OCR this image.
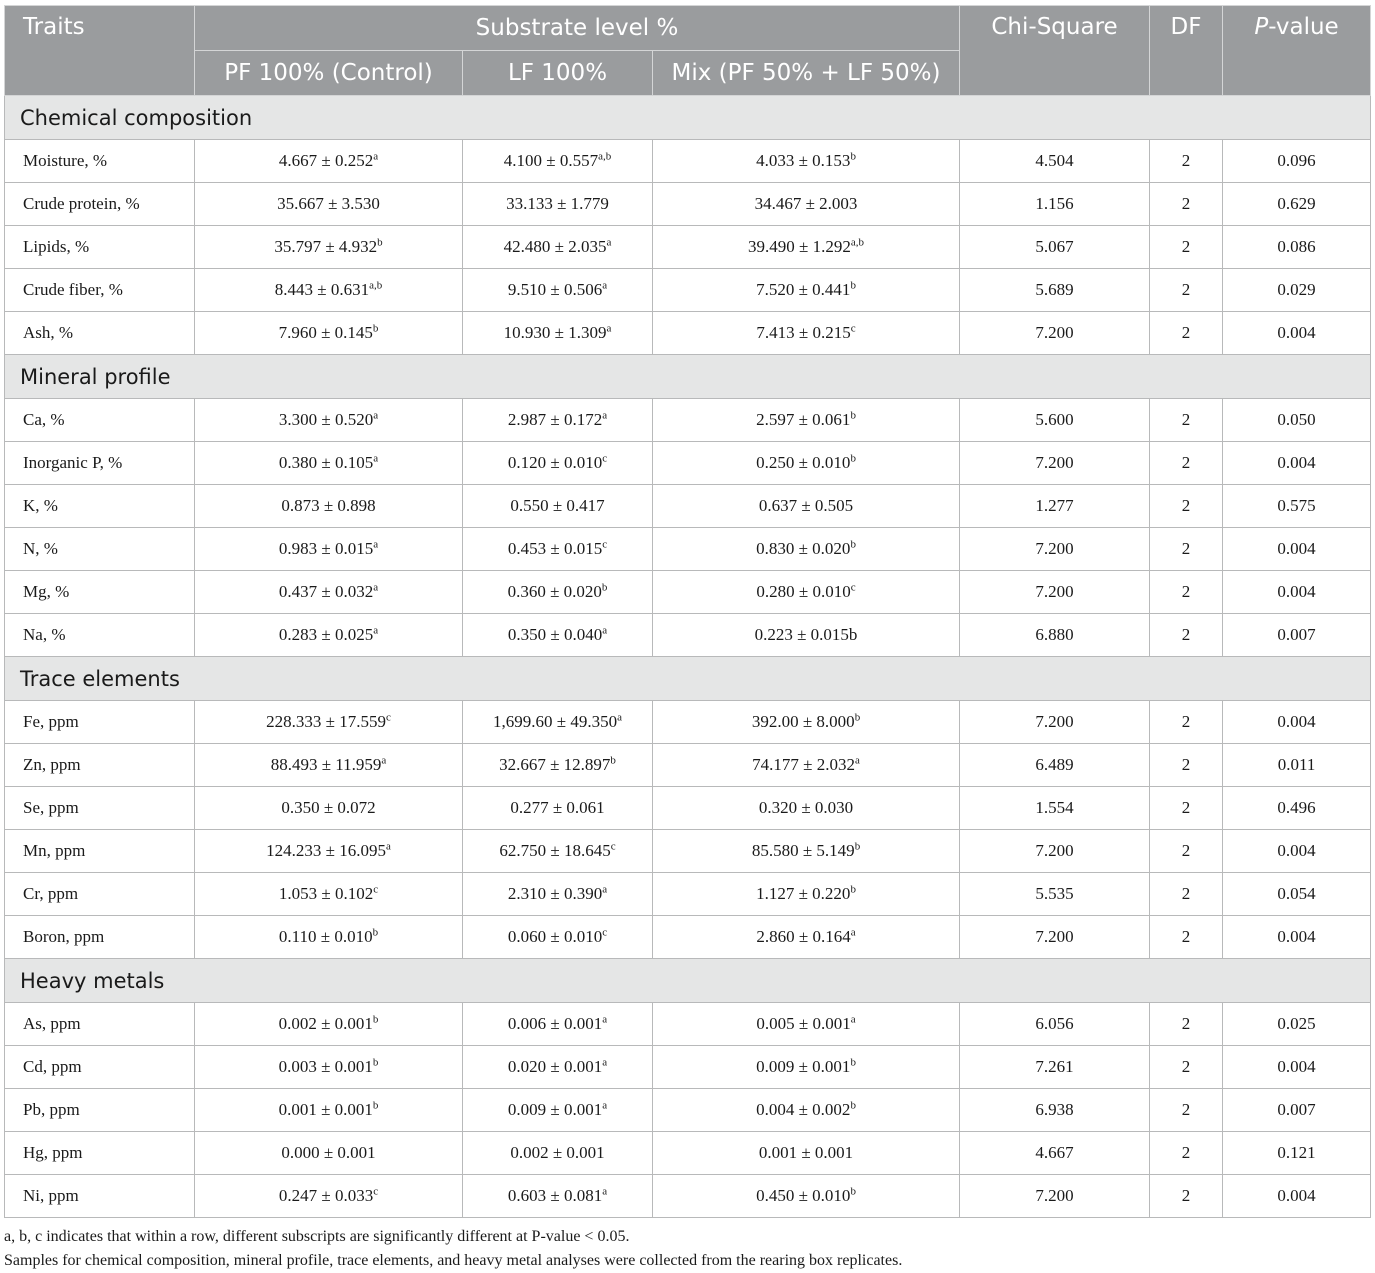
Traits	Substrate level %			Chi-Square	DF	P-value
	PF 100% (Control)	LF 100%	Mix (PF 50% + LF 50%)			
Chemical composition						
Moisture, %	4.667 ± 0.252$^a$	$4.100 \pm 0.557^{a,b}$	4.033 ± 0.153$^b$	4.504	2	0.096
Crude protein, %	35.667 ± 3.530	33.133 ± 1.779	34.467 ± 2.003	1.156	2	0.629
Lipids, %	35.797 ± 4.932$^b$	42.480 ± 2.035$^a$	$39.490 \pm 1.292^{a,b}$	5.067	2	0.086
Crude fiber, %	$8.443 \pm 0.631^{a,b}$	9.510 ± 0.506$^a$	7.520 ± 0.441$^b$	5.689	2	0.029
Ash, %	7.960 ± 0.145$^b$	10.930 ± 1.309$^a$	7.413 ± 0.215$^c$	7.200	2	0.004
Mineral profile						
Ca, %	3.300 ± 0.520$^a$	2.987 ± 0.172$^a$	2.597 ± 0.061$^b$	5.600	2	0.050
Inorganic P, %	0.380 ± 0.105$^a$	0.120 ± 0.010$^c$	0.250 ± 0.010$^b$	7.200	2	0.004
K, %	0.873 ± 0.898	0.550 ± 0.417	0.637 ± 0.505	1.277	2	0.575
N, %	0.983 ± 0.015$^a$	0.453 ± 0.015$^c$	0.830 ± 0.020$^b$	7.200	2	0.004
Mg, %	0.437 ± 0.032$^a$	0.360 ± 0.020$^b$	0.280 ± 0.010$^c$	7.200	2	0.004
Na, %	0.283 ± 0.025$^a$	0.350 ± 0.040$^a$	0.223 ± 0.015b	6.880	2	0.007
Trace elements						
Fe, ppm	228.333 ± 17.559$^c$	1,699.60 ± 49.350$^a$	392.00 ± 8.000$^b$	7.200	2	0.004
Zn, ppm	88.493 ± 11.959$^a$	32.667 ± 12.897$^b$	74.177 ± 2.032$^a$	6.489	2	0.011
Se, ppm	0.350 ± 0.072	0.277 ± 0.061	0.320 ± 0.030	1.554	2	0.496
Mn, ppm	124.233 ± 16.095$^a$	62.750 ± 18.645$^c$	85.580 ± 5.149$^b$	7.200	2	0.004
Cr, ppm	1.053 ± 0.102$^c$	2.310 ± 0.390$^a$	1.127 ± 0.220$^b$	5.535	2	0.054
Boron, ppm	0.110 ± 0.010$^b$	0.060 ± 0.010$^c$	2.860 ± 0.164$^a$	7.200	2	0.004
Heavy metals						
As, ppm	0.002 ± 0.001$^b$	0.006 ± 0.001$^a$	0.005 ± 0.001$^a$	6.056	2	0.025
Cd, ppm	0.003 ± 0.001$^b$	0.020 ± 0.001$^a$	0.009 ± 0.001$^b$	7.261	2	0.004
Pb, ppm	0.001 ± 0.001$^b$	0.009 ± 0.001$^a$	0.004 ± 0.002$^b$	6.938	2	0.007
Hg, ppm	0.000 ± 0.001	0.002 ± 0.001	0.001 ± 0.001	4.667	2	0.121
Ni, ppm	0.247 ± 0.033$^c$	0.603 ± 0.081$^a$	0.450 ± 0.010$^b$	7.200	2	0.004
a, b, c indicates that within a row, different subscripts are significantly different at P-value < 0.05.
Samples for chemical composition, mineral profile, trace elements, and heavy metal analyses were collected from the rearing box replicates.
